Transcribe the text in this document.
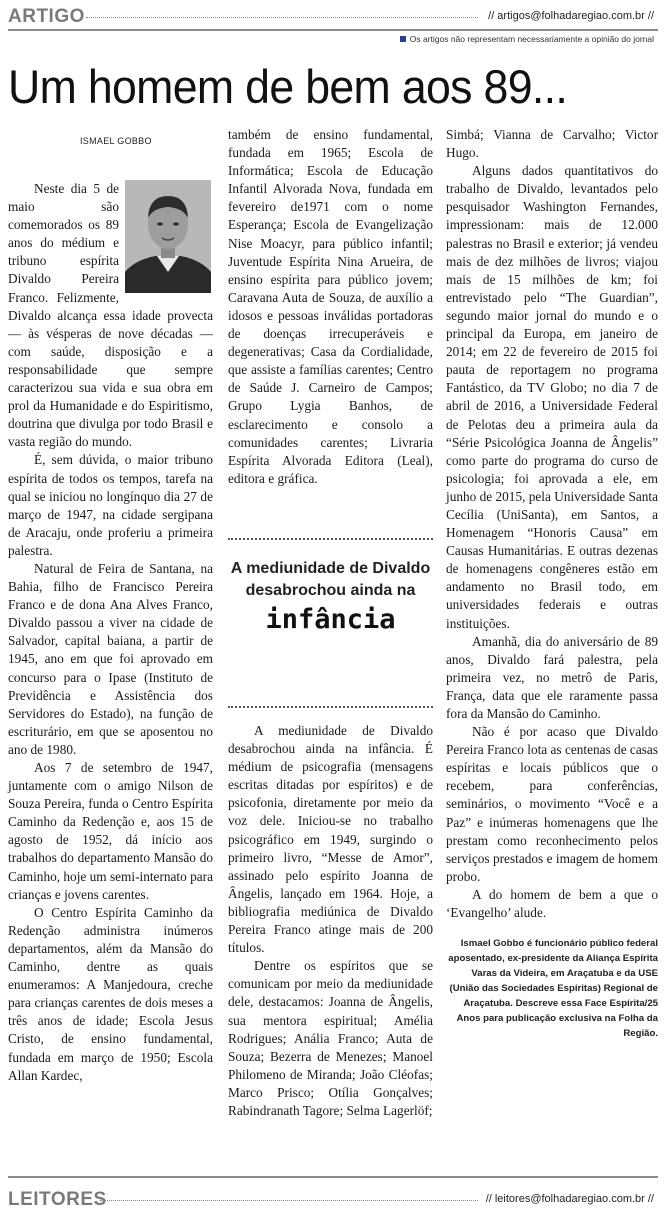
ARTIGO	// artigos@folhadaregiao.com.br //
Os artigos não representam necessariamente a opinião do jornal
Um homem de bem aos 89...
ISMAEL GOBBO

Neste dia 5 de maio são comemorados os 89 anos do médium e tribuno espírita Divaldo Pereira Franco. Felizmente, Divaldo alcança essa idade provecta — às vésperas de nove décadas — com saúde, disposição e a responsabilidade que sempre caracterizou sua vida e sua obra em prol da Humanidade e do Espiritismo, doutrina que divulga por todo Brasil e vasta região do mundo.

É, sem dúvida, o maior tribuno espírita de todos os tempos, tarefa na qual se iniciou no longínquo dia 27 de março de 1947, na cidade sergipana de Aracaju, onde proferiu a primeira palestra.

Natural de Feira de Santana, na Bahia, filho de Francisco Pereira Franco e de dona Ana Alves Franco, Divaldo passou a viver na cidade de Salvador, capital baiana, a partir de 1945, ano em que foi aprovado em concurso para o Ipase (Instituto de Previdência e Assistência dos Servidores do Estado), na função de escriturário, em que se aposentou no ano de 1980.

Aos 7 de setembro de 1947, juntamente com o amigo Nilson de Souza Pereira, funda o Centro Espírita Caminho da Redenção e, aos 15 de agosto de 1952, dá início aos trabalhos do departamento Mansão do Caminho, hoje um semi-internato para crianças e jovens carentes.

O Centro Espírita Caminho da Redenção administra inúmeros departamentos, além da Mansão do Caminho, dentre as quais enumeramos: A Manjedoura, creche para crianças carentes de dois meses a três anos de idade; Escola Jesus Cristo, de ensino fundamental, fundada em março de 1950; Escola Allan Kardec,

também de ensino fundamental, fundada em 1965; Escola de Informática; Escola de Educação Infantil Alvorada Nova, fundada em fevereiro de1971 com o nome Esperança; Escola de Evangelização Nise Moacyr, para público infantil; Juventude Espírita Nina Arueira, de ensino espírita para público jovem; Caravana Auta de Souza, de auxílio a idosos e pessoas inválidas portadoras de doenças irrecuperáveis e degenerativas; Casa da Cordialidade, que assiste a famílias carentes; Centro de Saúde J. Carneiro de Campos; Grupo Lygia Banhos, de esclarecimento e consolo a comunidades carentes; Livraria Espírita Alvorada Editora (Leal), editora e gráfica.

A mediunidade de Divaldo desabrochou ainda na
infância

A mediunidade de Divaldo desabrochou ainda na infância. É médium de psicografia (mensagens escritas ditadas por espíritos) e de psicofonia, diretamente por meio da voz dele. Iniciou-se no trabalho psicográfico em 1949, surgindo o primeiro livro, “Messe de Amor”, assinado pelo espírito Joanna de Ângelis, lançado em 1964. Hoje, a bibliografia mediúnica de Divaldo Pereira Franco atinge mais de 200 títulos.

Dentre os espíritos que se comunicam por meio da mediunidade dele, destacamos: Joanna de Ângelis, sua mentora espiritual; Amélia Rodrigues; Anália Franco; Auta de Souza; Bezerra de Menezes; Manoel Philomeno de Miranda; João Cléofas; Marco Prisco; Otília Gonçalves; Rabindranath Tagore; Selma Lagerlöf;

Simbá; Vianna de Carvalho; Victor Hugo.

Alguns dados quantitativos do trabalho de Divaldo, levantados pelo pesquisador Washington Fernandes, impressionam: mais de 12.000 palestras no Brasil e exterior; já vendeu mais de dez milhões de livros; viajou mais de 15 milhões de km; foi entrevistado pelo “The Guardian”, segundo maior jornal do mundo e o principal da Europa, em janeiro de 2014; em 22 de fevereiro de 2015 foi pauta de reportagem no programa Fantástico, da TV Globo; no dia 7 de abril de 2016, a Universidade Federal de Pelotas deu a primeira aula da “Série Psicológica Joanna de Ângelis” como parte do programa do curso de psicologia; foi aprovada a ele, em junho de 2015, pela Universidade Santa Cecília (UniSanta), em Santos, a Homenagem “Honoris Causa” em Causas Humanitárias. E outras dezenas de homenagens congêneres estão em andamento no Brasil todo, em universidades federais e outras instituições.

Amanhã, dia do aniversário de 89 anos, Divaldo fará palestra, pela primeira vez, no metrô de Paris, França, data que ele raramente passa fora da Mansão do Caminho.

Não é por acaso que Divaldo Pereira Franco lota as centenas de casas espíritas e locais públicos que o recebem, para conferências, seminários, o movimento “Você e a Paz” e inúmeras homenagens que lhe prestam como reconhecimento pelos serviços prestados e imagem de homem probo.

A do homem de bem a que o ‘Evangelho’ alude.

Ismael Gobbo é funcionário público federal aposentado, ex-presidente da Aliança Espírita Varas da Videira, em Araçatuba e da USE (União das Sociedades Espíritas) Regional de Araçatuba. Descreve essa Face Espírita/25 Anos para publicação exclusiva na Folha da Região.
LEITORES	// leitores@folhadaregiao.com.br //
